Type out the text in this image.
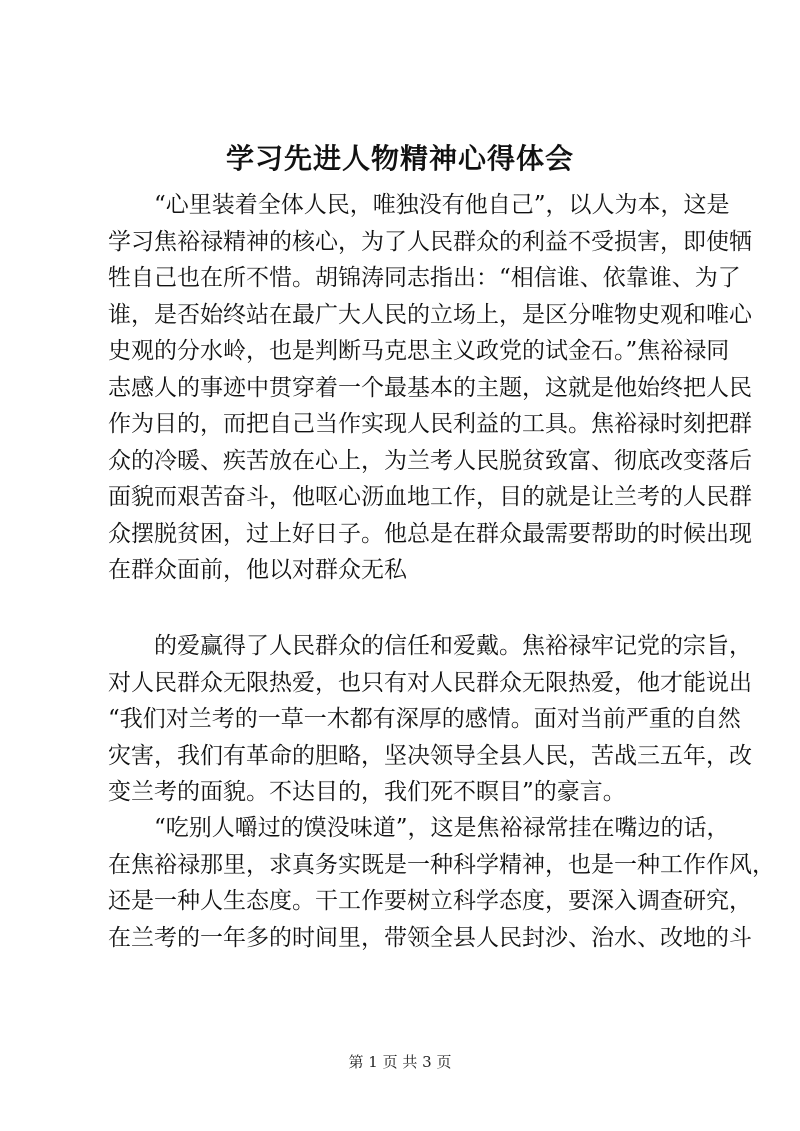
学习先进人物精神心得体会
“心里装着全体人民，唯独没有他自己”，以人为本，这是
学习焦裕禄精神的核心，为了人民群众的利益不受损害，即使牺
牲自己也在所不惜。胡锦涛同志指出：“相信谁、依靠谁、为了
谁，是否始终站在最广大人民的立场上，是区分唯物史观和唯心
史观的分水岭，也是判断马克思主义政党的试金石。”焦裕禄同
志感人的事迹中贯穿着一个最基本的主题，这就是他始终把人民
作为目的，而把自己当作实现人民利益的工具。焦裕禄时刻把群
众的冷暖、疾苦放在心上，为兰考人民脱贫致富、彻底改变落后
面貌而艰苦奋斗，他呕心沥血地工作，目的就是让兰考的人民群
众摆脱贫困，过上好日子。他总是在群众最需要帮助的时候出现
在群众面前，他以对群众无私
的爱赢得了人民群众的信任和爱戴。焦裕禄牢记党的宗旨，
对人民群众无限热爱，也只有对人民群众无限热爱，他才能说出
“我们对兰考的一草一木都有深厚的感情。面对当前严重的自然
灾害，我们有革命的胆略，坚决领导全县人民，苦战三五年，改
变兰考的面貌。不达目的，我们死不瞑目”的豪言。
“吃别人嚼过的馍没味道”，这是焦裕禄常挂在嘴边的话，
在焦裕禄那里，求真务实既是一种科学精神，也是一种工作作风，
还是一种人生态度。干工作要树立科学态度，要深入调查研究，
在兰考的一年多的时间里，带领全县人民封沙、治水、改地的斗
第 1 页 共 3 页
